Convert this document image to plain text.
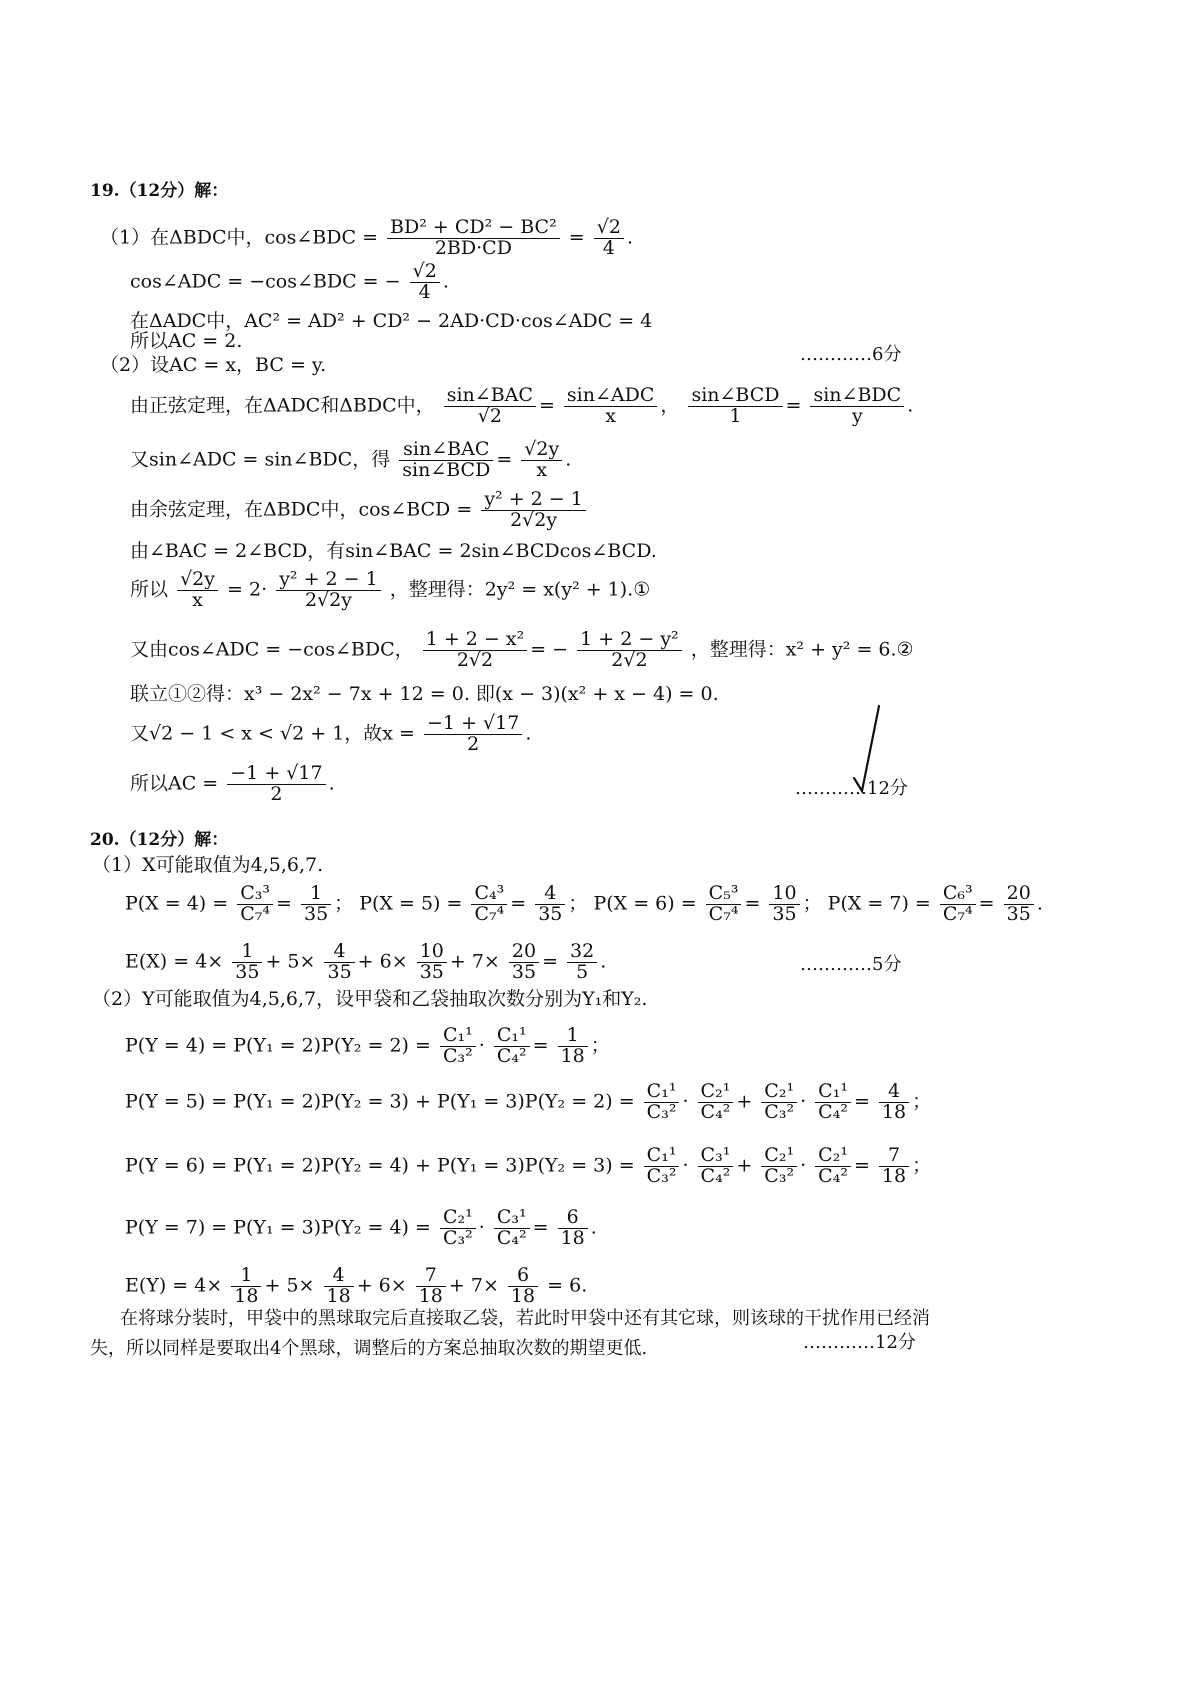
19.（12分）解：
（1）在ΔBDC中，cos∠BDC = $\frac{\text{BD² + CD² − BC²}}{2BD\cdot CD} = \frac{√2}{4}$ .
cos∠ADC = −cos∠BDC = − $\frac{√2}{4}$ .
在ΔADC中，AC² = AD² + CD² − 2AD·CD·cos∠ADC = 4
所以AC = 2.
…………6分
（2）设AC = x，BC = y.
由正弦定理，在ΔADC和ΔBDC中， $\frac{\text{sin∠BAC}}{√2} = \frac{\text{sin∠ADC}}{x}$ ， $\frac{\text{sin∠BCD}}{1} = \frac{\text{sin∠BDC}}{y}$ .
又sin∠ADC = sin∠BDC，得 $\frac{\text{sin∠BAC}}{\text{sin∠BCD}} = \frac{√2y}{x}$ .
由余弦定理，在ΔBDC中，cos∠BCD = $\frac{\text{y² + 2 − 1}}{2√2y}$
由∠BAC = 2∠BCD，有sin∠BAC = 2sin∠BCDcos∠BCD.
所以 $\frac{√2y}{x} = 2\cdot \frac{\text{y² + 2 − 1}}{2√2y}$ ，整理得：2y² = x(y² + 1).①
又由cos∠ADC = −cos∠BDC， $\frac{\text{1 + 2 − x²}}{2√2}$ = − $\frac{\text{1 + 2 − y²}}{2√2}$ ，整理得：x² + y² = 6.②
联立①②得：x³ − 2x² − 7x + 12 = 0. 即(x − 3)(x² + x − 4) = 0.
又√2 − 1 < x < √2 + 1，故$x = \frac{-1 + √17}{2}$ .
所以AC = $\frac{-1 + √17}{2}$ .	…………12分
20.（12分）解：
（1）X可能取值为4,5,6,7.
$P(X = 4) = \frac{\text{C₃³}}{\text{C₇⁴}} = \frac{1}{35}$ ； $P(X = 5) = \frac{\text{C₄³}}{\text{C₇⁴}} = \frac{4}{35}$ ； $P(X = 6) = \frac{\text{C₅³}}{\text{C₇⁴}} = \frac{10}{35}$ ； $P(X = 7) = \frac{\text{C₆³}}{\text{C₇⁴}} = \frac{20}{35}$ .
$E(X) = 4\times \frac{1}{35} + 5\times \frac{4}{35} + 6\times \frac{10}{35} + 7\times \frac{20}{35} = \frac{32}{5}$ .	…………5分
（2）Y可能取值为4,5,6,7，设甲袋和乙袋抽取次数分别为Y₁和Y₂.
$P(Y = 4) = P(Y_1 = 2)P(Y_2 = 2) = \frac{\text{C₁¹}}{\text{C₃²}} \cdot \frac{\text{C₁¹}}{\text{C₄²}} = \frac{1}{18}$ ；
$P(Y = 5) = P(Y_1 = 2)P(Y_2 = 3) + P(Y_1 = 3)P(Y_2 = 2) = \frac{\text{C₁¹}}{\text{C₃²}} \cdot \frac{\text{C₂¹}}{\text{C₄²}} + \frac{\text{C₂¹}}{\text{C₃²}} \cdot \frac{\text{C₁¹}}{\text{C₄²}} = \frac{4}{18}$ ；
$P(Y = 6) = P(Y_1 = 2)P(Y_2 = 4) + P(Y_1 = 3)P(Y_2 = 3) = \frac{\text{C₁¹}}{\text{C₃²}} \cdot \frac{\text{C₃¹}}{\text{C₄²}} + \frac{\text{C₂¹}}{\text{C₃²}} \cdot \frac{\text{C₂¹}}{\text{C₄²}} = \frac{7}{18}$ ；
$P(Y = 7) = P(Y_1 = 3)P(Y_2 = 4) = \frac{\text{C₂¹}}{\text{C₃²}} \cdot \frac{\text{C₃¹}}{\text{C₄²}} = \frac{6}{18}$ .
$E(Y) = 4\times \frac{1}{18} + 5\times \frac{4}{18} + 6\times \frac{7}{18} + 7\times \frac{6}{18} = 6$.
在将球分装时，甲袋中的黑球取完后直接取乙袋，若此时甲袋中还有其它球，则该球的干扰作用已经消
失，所以同样是要取出4个黑球，调整后的方案总抽取次数的期望更低.	…………12分
